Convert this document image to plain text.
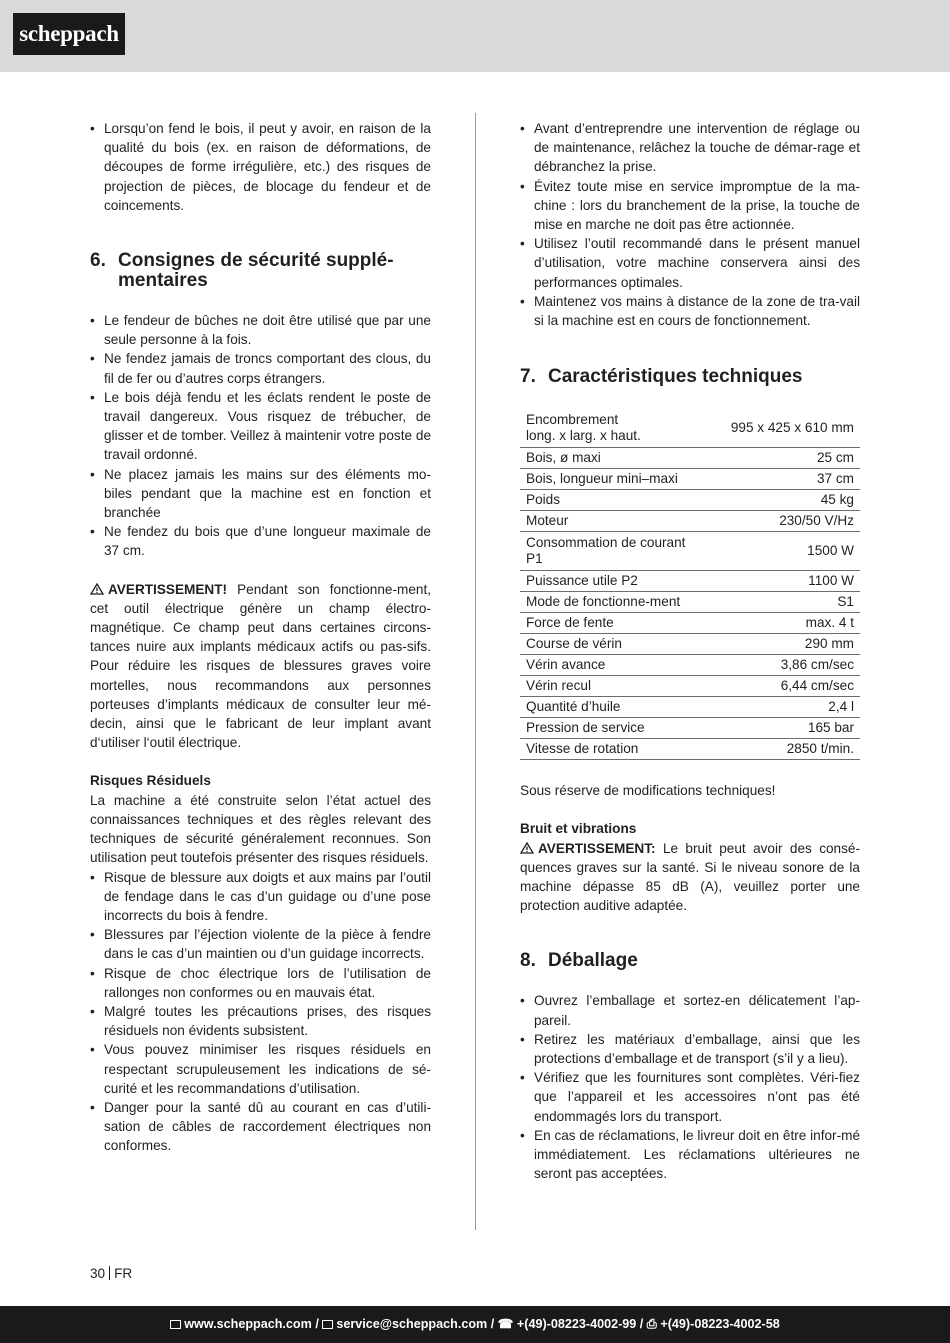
scheppach
• Lorsqu’on fend le bois, il peut y avoir, en raison de la qualité du bois (ex. en raison de déformations, de découpes de forme irrégulière, etc.) des risques de projection de pièces, de blocage du fendeur et de coincements.
6. Consignes de sécurité supplé-
mentaires
• Le fendeur de bûches ne doit être utilisé que par une seule personne à la fois.
• Ne fendez jamais de troncs comportant des clous, du fil de fer ou d’autres corps étrangers.
• Le bois déjà fendu et les éclats rendent le poste de travail dangereux. Vous risquez de trébucher, de glisser et de tomber. Veillez à maintenir votre poste de travail ordonné.
• Ne placez jamais les mains sur des éléments mo-biles pendant que la machine est en fonction et branchée
• Ne fendez du bois que d’une longueur maximale de 37 cm.

AVERTISSEMENT! Pendant son fonctionne-ment, cet outil électrique génère un champ électro-magnétique. Ce champ peut dans certaines circons-tances nuire aux implants médicaux actifs ou pas-sifs. Pour réduire les risques de blessures graves voire mortelles, nous recommandons aux personnes porteuses d’implants médicaux de consulter leur mé-decin, ainsi que le fabricant de leur implant avant d‘utiliser l‘outil électrique.

Risques Résiduels

La machine a été construite selon l’état actuel des connaissances techniques et des règles relevant des techniques de sécurité généralement reconnues. Son utilisation peut toutefois présenter des risques résiduels.

• Risque de blessure aux doigts et aux mains par l’outil de fendage dans le cas d’un guidage ou d’une pose incorrects du bois à fendre.
• Blessures par l’éjection violente de la pièce à fendre dans le cas d’un maintien ou d’un guidage incorrects.
• Risque de choc électrique lors de l’utilisation de rallonges non conformes ou en mauvais état.
• Malgré toutes les précautions prises, des risques résiduels non évidents subsistent.
• Vous pouvez minimiser les risques résiduels en respectant scrupuleusement les indications de sé-curité et les recommandations d’utilisation.
• Danger pour la santé dû au courant en cas d’utili-sation de câbles de raccordement électriques non conformes.
• Avant d’entreprendre une intervention de réglage ou de maintenance, relâchez la touche de démar-rage et débranchez la prise.
• Évitez toute mise en service impromptue de la ma-chine : lors du branchement de la prise, la touche de mise en marche ne doit pas être actionnée.
• Utilisez l’outil recommandé dans le présent manuel d’utilisation, votre machine conservera ainsi des performances optimales.
• Maintenez vos mains à distance de la zone de tra-vail si la machine est en cours de fonctionnement.
7. Caractéristiques techniques
Encombrement
long. x larg. x haut.	995 x 425 x 610 mm
Bois, ø maxi	25 cm
Bois, longueur mini–maxi	37 cm
Poids	45 kg
Moteur	230/50 V/Hz
Consommation de courant
P1	1500 W
Puissance utile P2	1100 W
Mode de fonctionne-ment	S1
Force de fente	max. 4 t
Course de vérin	290 mm
Vérin avance	3,86 cm/sec
Vérin recul	6,44 cm/sec
Quantité d’huile	2,4 l
Pression de service	165 bar
Vitesse de rotation	2850 t/min.

Sous réserve de modifications techniques!

Bruit et vibrations

AVERTISSEMENT: Le bruit peut avoir des consé-quences graves sur la santé. Si le niveau sonore de la machine dépasse 85 dB (A), veuillez porter une protection auditive adaptée.

8. Déballage
• Ouvrez l’emballage et sortez-en délicatement l’ap-pareil.
• Retirez les matériaux d’emballage, ainsi que les protections d’emballage et de transport (s’il y a lieu).
• Vérifiez que les fournitures sont complètes. Véri-fiez que l’appareil et les accessoires n’ont pas été endommagés lors du transport.
• En cas de réclamations, le livreur doit en être infor-mé immédiatement. Les réclamations ultérieures ne seront pas acceptées.
30 FR
www.scheppach.com / service@scheppach.com / ☎ +(49)-08223-4002-99 / ⎙ +(49)-08223-4002-58
